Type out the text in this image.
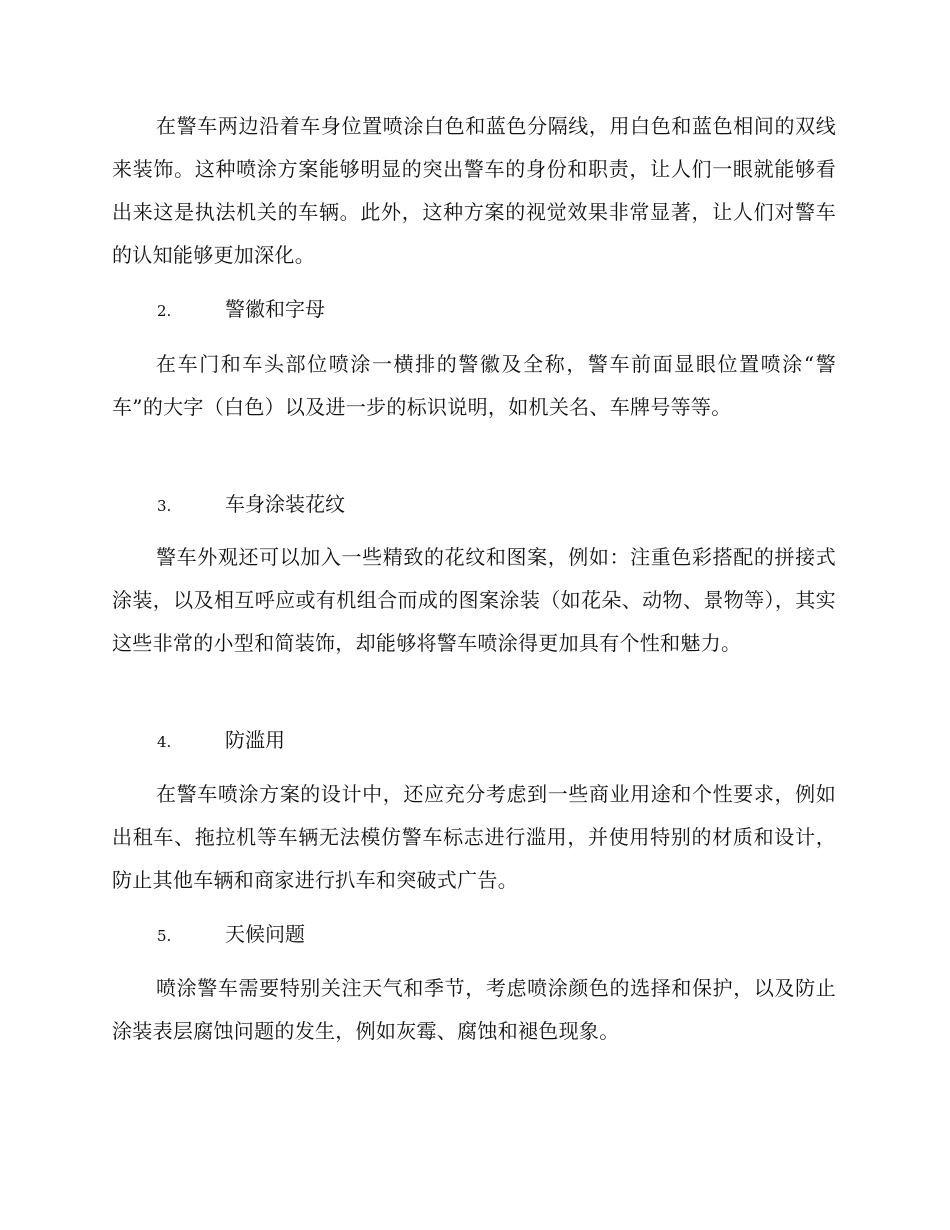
在警车两边沿着车身位置喷涂白色和蓝色分隔线，用白色和蓝色相间的双线来装饰。这种喷涂方案能够明显的突出警车的身份和职责，让人们一眼就能够看出来这是执法机关的车辆。此外，这种方案的视觉效果非常显著，让人们对警车的认知能够更加深化。

2.	警徽和字母

在车门和车头部位喷涂一横排的警徽及全称，警车前面显眼位置喷涂“警车”的大字（白色）以及进一步的标识说明，如机关名、车牌号等等。

3.	车身涂装花纹

警车外观还可以加入一些精致的花纹和图案，例如：注重色彩搭配的拼接式涂装，以及相互呼应或有机组合而成的图案涂装（如花朵、动物、景物等），其实这些非常的小型和简装饰，却能够将警车喷涂得更加具有个性和魅力。

4.	防滥用

在警车喷涂方案的设计中，还应充分考虑到一些商业用途和个性要求，例如出租车、拖拉机等车辆无法模仿警车标志进行滥用，并使用特别的材质和设计，防止其他车辆和商家进行扒车和突破式广告。

5.	天候问题

喷涂警车需要特别关注天气和季节，考虑喷涂颜色的选择和保护，以及防止涂装表层腐蚀问题的发生，例如灰霉、腐蚀和褪色现象。
